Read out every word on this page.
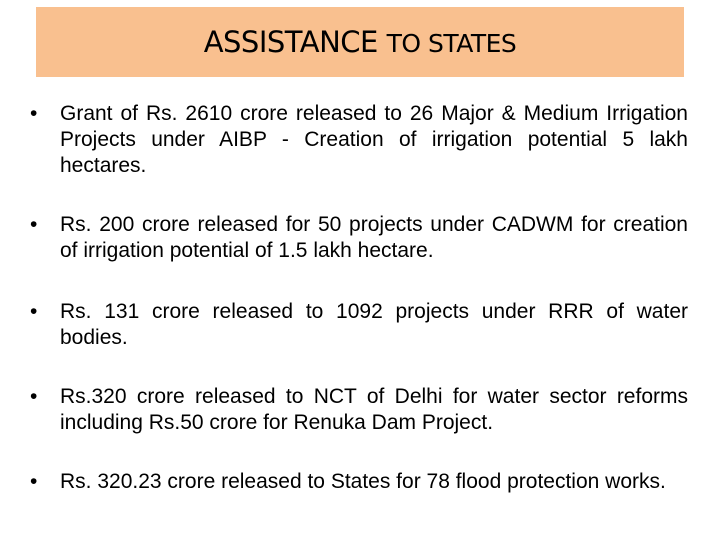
ASSISTANCE TO STATES
•	Grant of Rs. 2610 crore released to 26 Major & Medium Irrigation Projects under AIBP - Creation of irrigation potential 5 lakh hectares.
•	Rs. 200 crore released for 50 projects under CADWM for creation of irrigation potential of 1.5 lakh hectare.
•	Rs. 131 crore released to 1092 projects under RRR of water bodies.
•	Rs.320 crore released to NCT of Delhi for water sector reforms including Rs.50 crore for Renuka Dam Project.
•	Rs. 320.23 crore released to States for 78 flood protection works.
